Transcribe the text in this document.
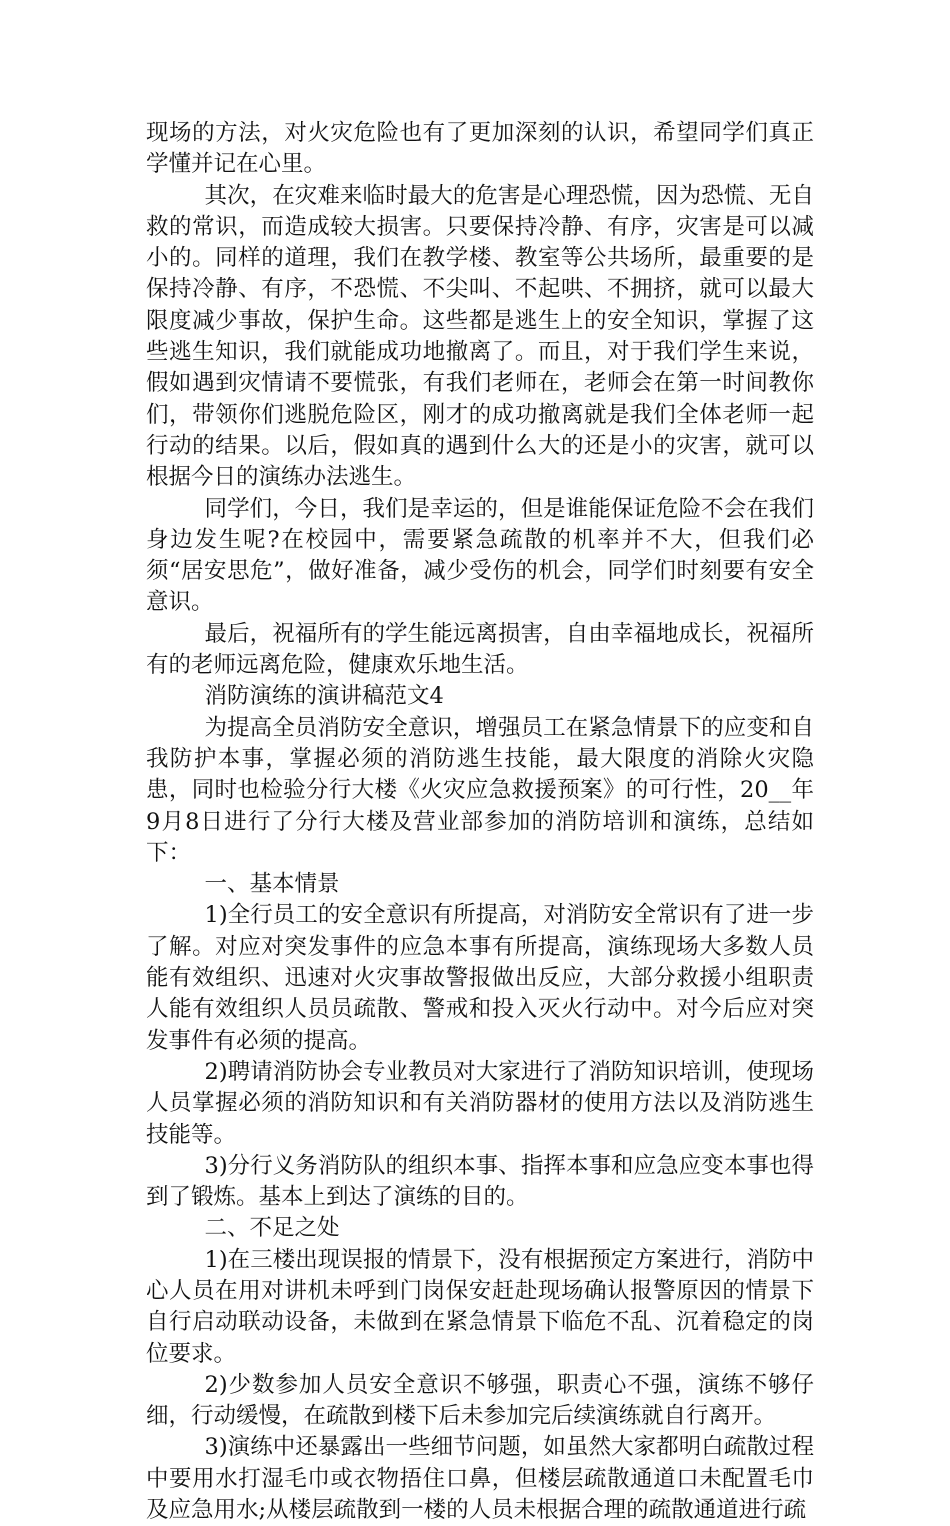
现场的方法，对火灾危险也有了更加深刻的认识，希望同学们真正学懂并记在心里。

其次，在灾难来临时最大的危害是心理恐慌，因为恐慌、无自救的常识，而造成较大损害。只要保持冷静、有序，灾害是可以减小的。同样的道理，我们在教学楼、教室等公共场所，最重要的是保持冷静、有序，不恐慌、不尖叫、不起哄、不拥挤，就可以最大限度减少事故，保护生命。这些都是逃生上的安全知识，掌握了这些逃生知识，我们就能成功地撤离了。而且，对于我们学生来说，假如遇到灾情请不要慌张，有我们老师在，老师会在第一时间教你们，带领你们逃脱危险区，刚才的成功撤离就是我们全体老师一起行动的结果。以后，假如真的遇到什么大的还是小的灾害，就可以根据今日的演练办法逃生。

同学们，今日，我们是幸运的，但是谁能保证危险不会在我们身边发生呢?在校园中，需要紧急疏散的机率并不大，但我们必须“居安思危”，做好准备，减少受伤的机会，同学们时刻要有安全意识。

最后，祝福所有的学生能远离损害，自由幸福地成长，祝福所有的老师远离危险，健康欢乐地生活。

消防演练的演讲稿范文4

为提高全员消防安全意识，增强员工在紧急情景下的应变和自我防护本事，掌握必须的消防逃生技能，最大限度的消除火灾隐患，同时也检验分行大楼《火灾应急救援预案》的可行性，20__年9月8日进行了分行大楼及营业部参加的消防培训和演练，总结如下：

一、基本情景

1)全行员工的安全意识有所提高，对消防安全常识有了进一步了解。对应对突发事件的应急本事有所提高，演练现场大多数人员能有效组织、迅速对火灾事故警报做出反应，大部分救援小组职责人能有效组织人员员疏散、警戒和投入灭火行动中。对今后应对突发事件有必须的提高。

2)聘请消防协会专业教员对大家进行了消防知识培训，使现场人员掌握必须的消防知识和有关消防器材的使用方法以及消防逃生技能等。

3)分行义务消防队的组织本事、指挥本事和应急应变本事也得到了锻炼。基本上到达了演练的目的。

二、不足之处

1)在三楼出现误报的情景下，没有根据预定方案进行，消防中心人员在用对讲机未呼到门岗保安赶赴现场确认报警原因的情景下自行启动联动设备，未做到在紧急情景下临危不乱、沉着稳定的岗位要求。

2)少数参加人员安全意识不够强，职责心不强，演练不够仔细，行动缓慢，在疏散到楼下后未参加完后续演练就自行离开。

3)演练中还暴露出一些细节问题，如虽然大家都明白疏散过程中要用水打湿毛巾或衣物捂住口鼻，但楼层疏散通道口未配置毛巾及应急用水;从楼层疏散到一楼的人员未根据合理的疏散通道进行疏
